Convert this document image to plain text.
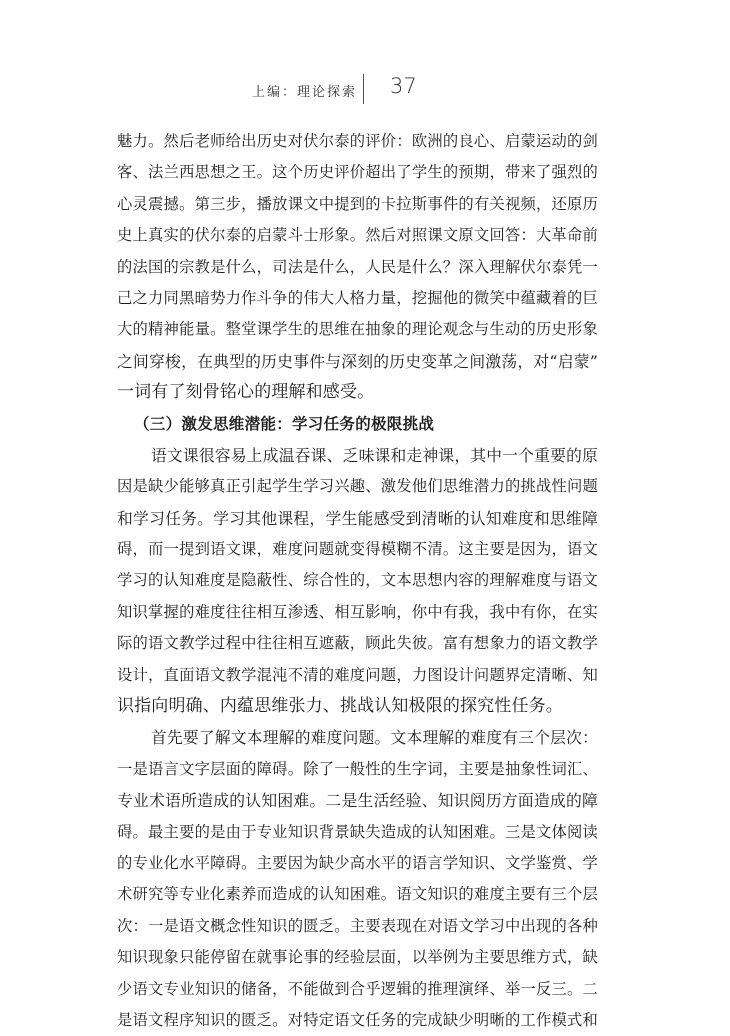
上编：理论探索 37
魅力。然后老师给出历史对伏尔泰的评价：欧洲的良心、启蒙运动的剑
客、法兰西思想之王。这个历史评价超出了学生的预期，带来了强烈的
心灵震撼。第三步，播放课文中提到的卡拉斯事件的有关视频，还原历
史上真实的伏尔泰的启蒙斗士形象。然后对照课文原文回答：大革命前
的法国的宗教是什么，司法是什么，人民是什么？深入理解伏尔泰凭一
己之力同黑暗势力作斗争的伟大人格力量，挖掘他的微笑中蕴藏着的巨
大的精神能量。整堂课学生的思维在抽象的理论观念与生动的历史形象
之间穿梭，在典型的历史事件与深刻的历史变革之间激荡，对“启蒙”
一词有了刻骨铭心的理解和感受。
（三）激发思维潜能：学习任务的极限挑战
语文课很容易上成温吞课、乏味课和走神课，其中一个重要的原
因是缺少能够真正引起学生学习兴趣、激发他们思维潜力的挑战性问题
和学习任务。学习其他课程，学生能感受到清晰的认知难度和思维障
碍，而一提到语文课，难度问题就变得模糊不清。这主要是因为，语文
学习的认知难度是隐蔽性、综合性的，文本思想内容的理解难度与语文
知识掌握的难度往往相互渗透、相互影响，你中有我，我中有你，在实
际的语文教学过程中往往相互遮蔽，顾此失彼。富有想象力的语文教学
设计，直面语文教学混沌不清的难度问题，力图设计问题界定清晰、知
识指向明确、内蕴思维张力、挑战认知极限的探究性任务。
首先要了解文本理解的难度问题。文本理解的难度有三个层次：
一是语言文字层面的障碍。除了一般性的生字词，主要是抽象性词汇、
专业术语所造成的认知困难。二是生活经验、知识阅历方面造成的障
碍。最主要的是由于专业知识背景缺失造成的认知困难。三是文体阅读
的专业化水平障碍。主要因为缺少高水平的语言学知识、文学鉴赏、学
术研究等专业化素养而造成的认知困难。语文知识的难度主要有三个层
次：一是语文概念性知识的匮乏。主要表现在对语文学习中出现的各种
知识现象只能停留在就事论事的经验层面，以举例为主要思维方式，缺
少语文专业知识的储备，不能做到合乎逻辑的推理演绎、举一反三。二
是语文程序知识的匮乏。对特定语文任务的完成缺少明晰的工作模式和
